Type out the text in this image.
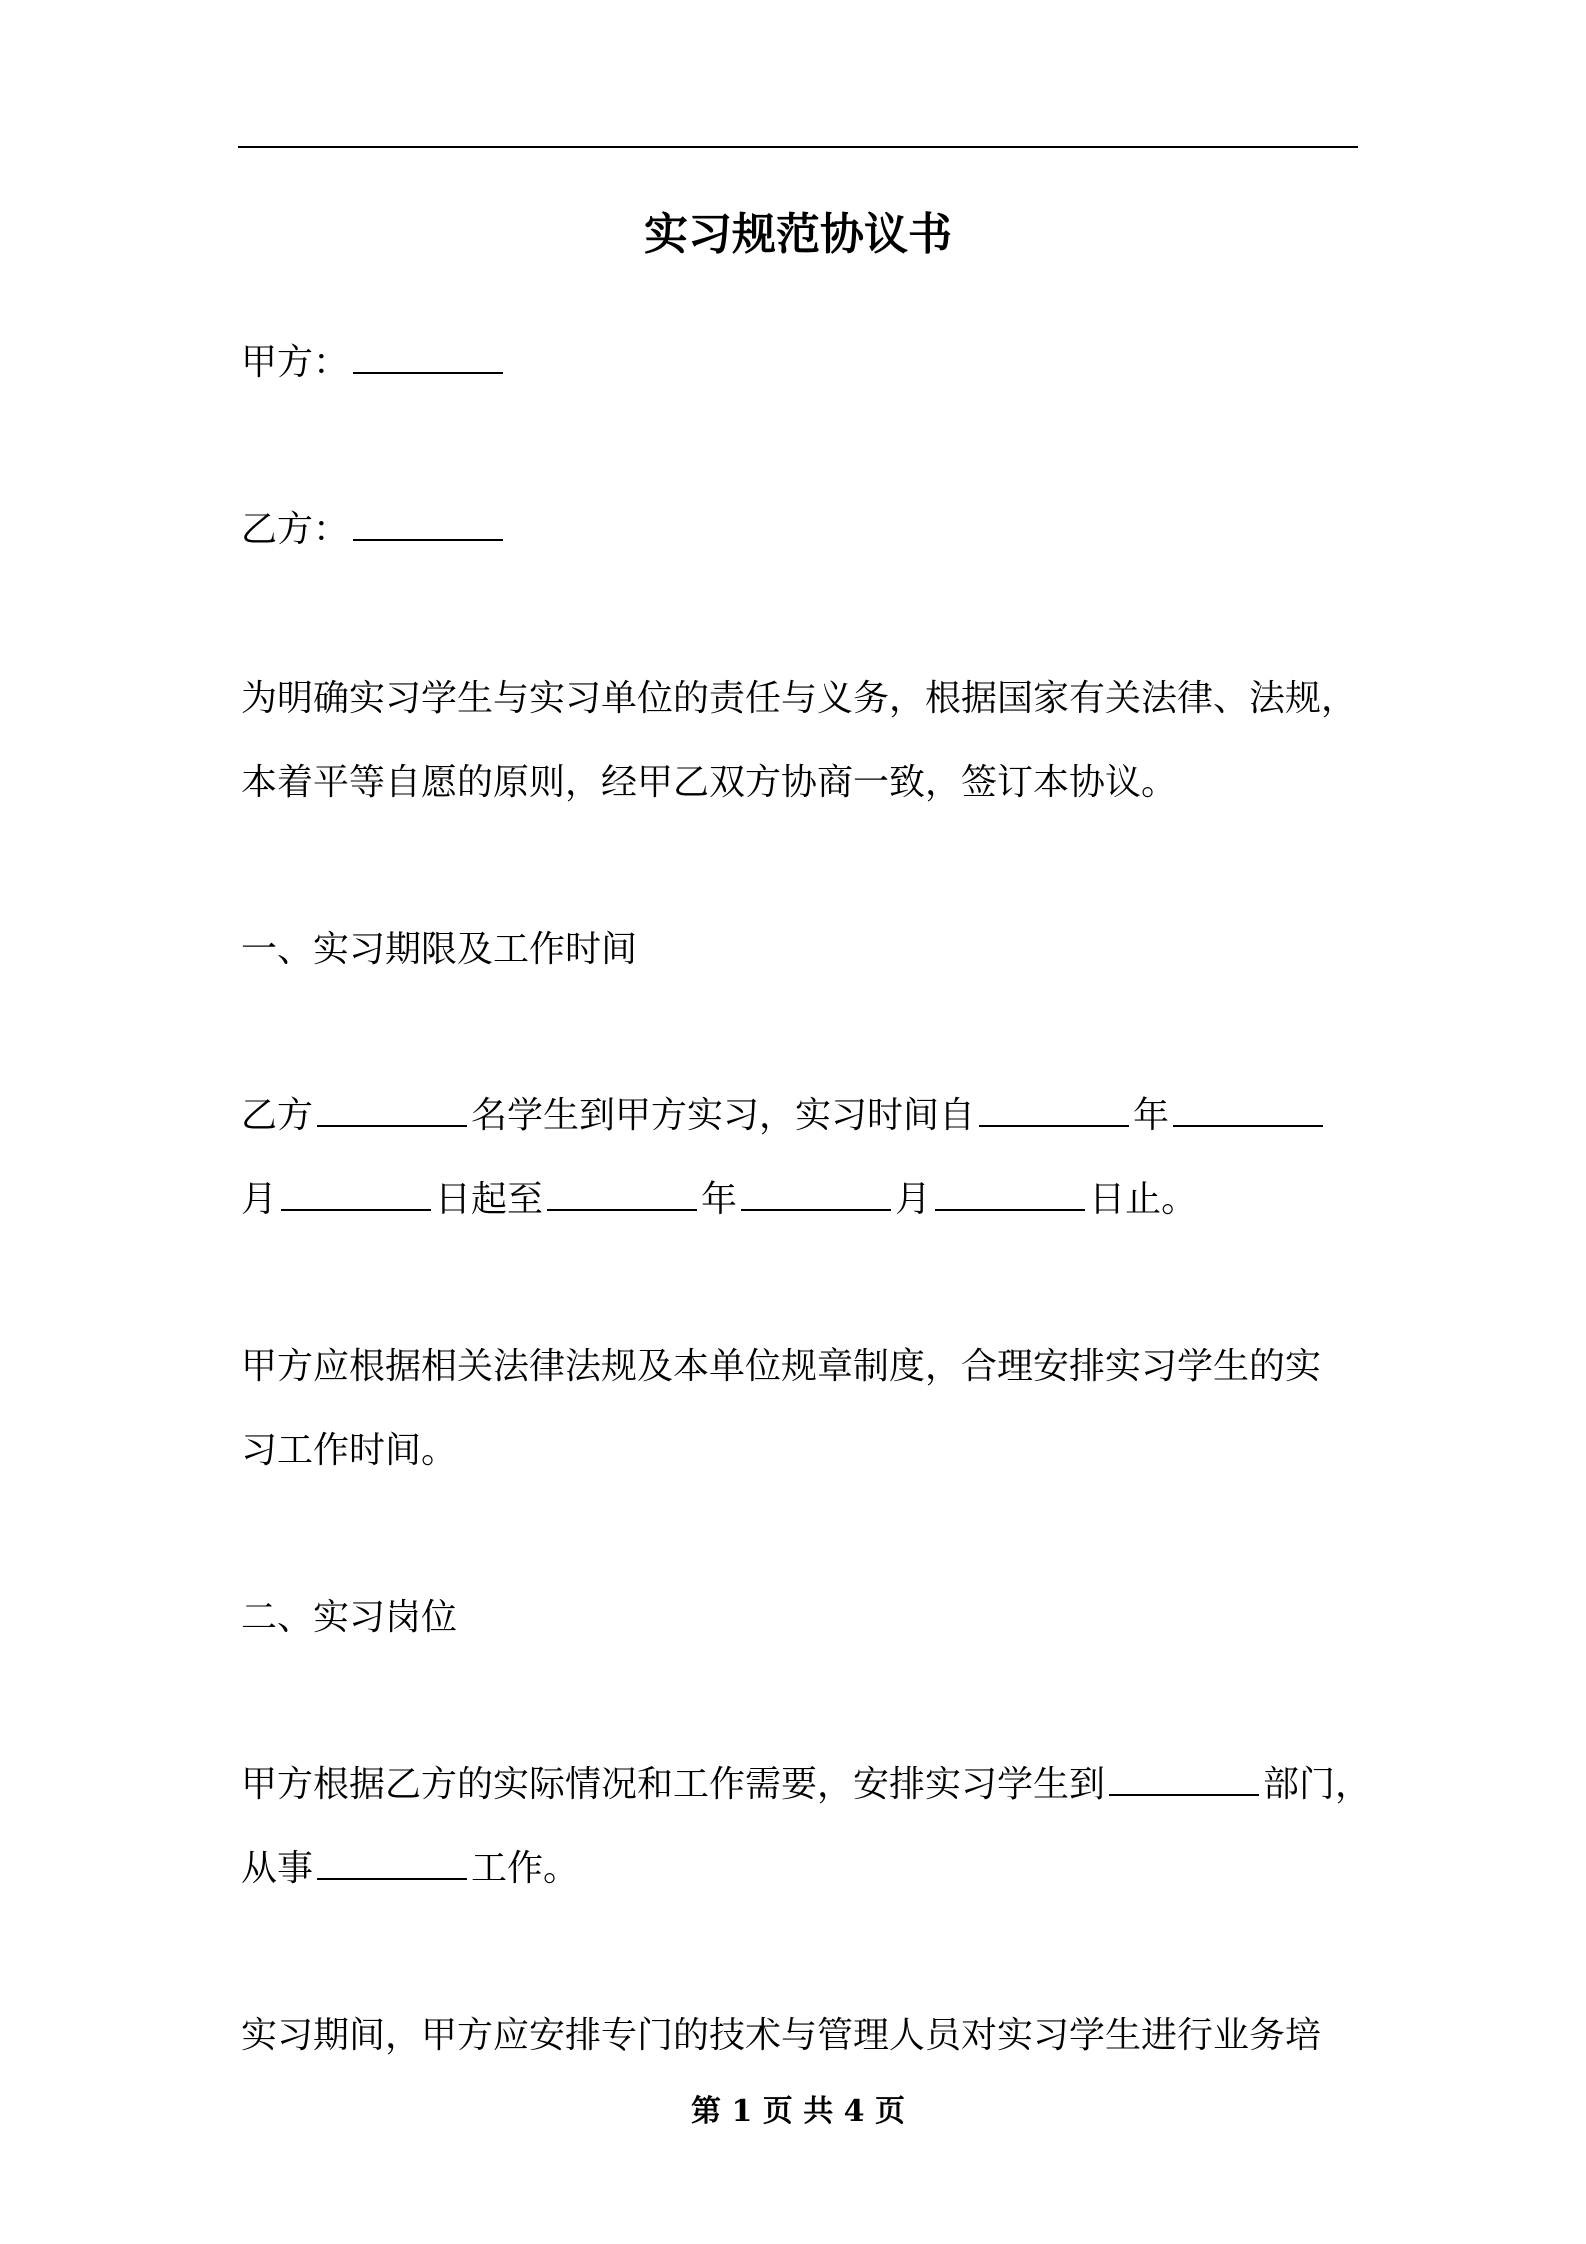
实习规范协议书

甲方：

乙方：

为明确实习学生与实习单位的责任与义务，根据国家有关法律、法规，

本着平等自愿的原则，经甲乙双方协商一致，签订本协议。

一、实习期限及工作时间

乙方	名学生到甲方实习，实习时间自	年

月	日起至	年	月	日止。

甲方应根据相关法律法规及本单位规章制度，合理安排实习学生的实

习工作时间。

二、实习岗位

甲方根据乙方的实际情况和工作需要，安排实习学生到	部门，

从事	工作。

实习期间，甲方应安排专门的技术与管理人员对实习学生进行业务培

第 1 页 共 4 页
